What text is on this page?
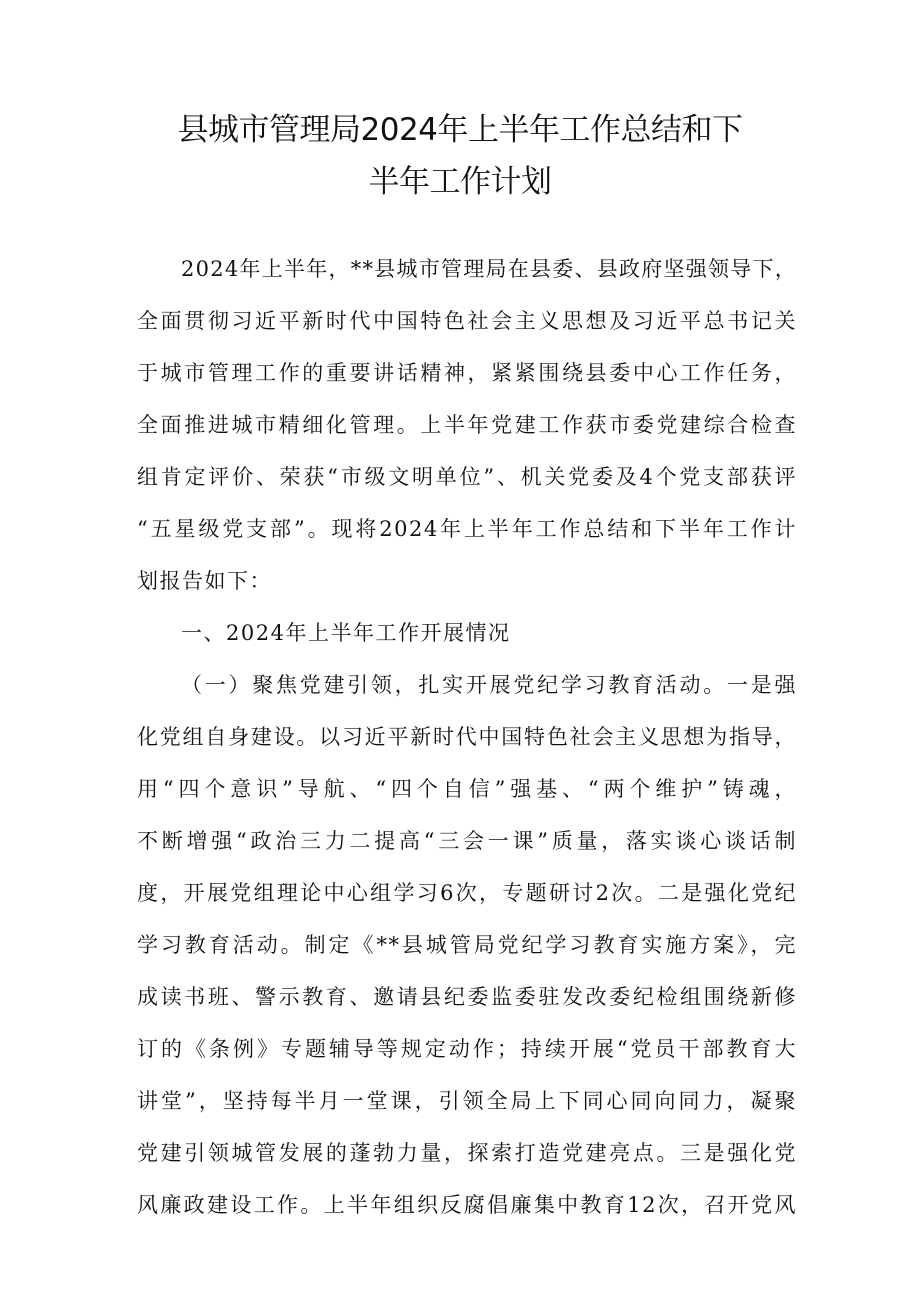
县城市管理局2024年上半年工作总结和下
半年工作计划
2024年上半年，**县城市管理局在县委、县政府坚强领导下，
全面贯彻习近平新时代中国特色社会主义思想及习近平总书记关
于城市管理工作的重要讲话精神，紧紧围绕县委中心工作任务，
全面推进城市精细化管理。上半年党建工作获市委党建综合检查
组肯定评价、荣获“市级文明单位”、机关党委及4个党支部获评
“五星级党支部”。现将2024年上半年工作总结和下半年工作计
划报告如下：
一、2024年上半年工作开展情况
（一）聚焦党建引领，扎实开展党纪学习教育活动。一是强
化党组自身建设。以习近平新时代中国特色社会主义思想为指导，
用“四个意识”导航、“四个自信”强基、“两个维护”铸魂，
不断增强“政治三力二提高“三会一课”质量，落实谈心谈话制
度，开展党组理论中心组学习6次，专题研讨2次。二是强化党纪
学习教育活动。制定《**县城管局党纪学习教育实施方案》，完
成读书班、警示教育、邀请县纪委监委驻发改委纪检组围绕新修
订的《条例》专题辅导等规定动作；持续开展“党员干部教育大
讲堂”，坚持每半月一堂课，引领全局上下同心同向同力，凝聚
党建引领城管发展的蓬勃力量，探索打造党建亮点。三是强化党
风廉政建设工作。上半年组织反腐倡廉集中教育12次，召开党风
